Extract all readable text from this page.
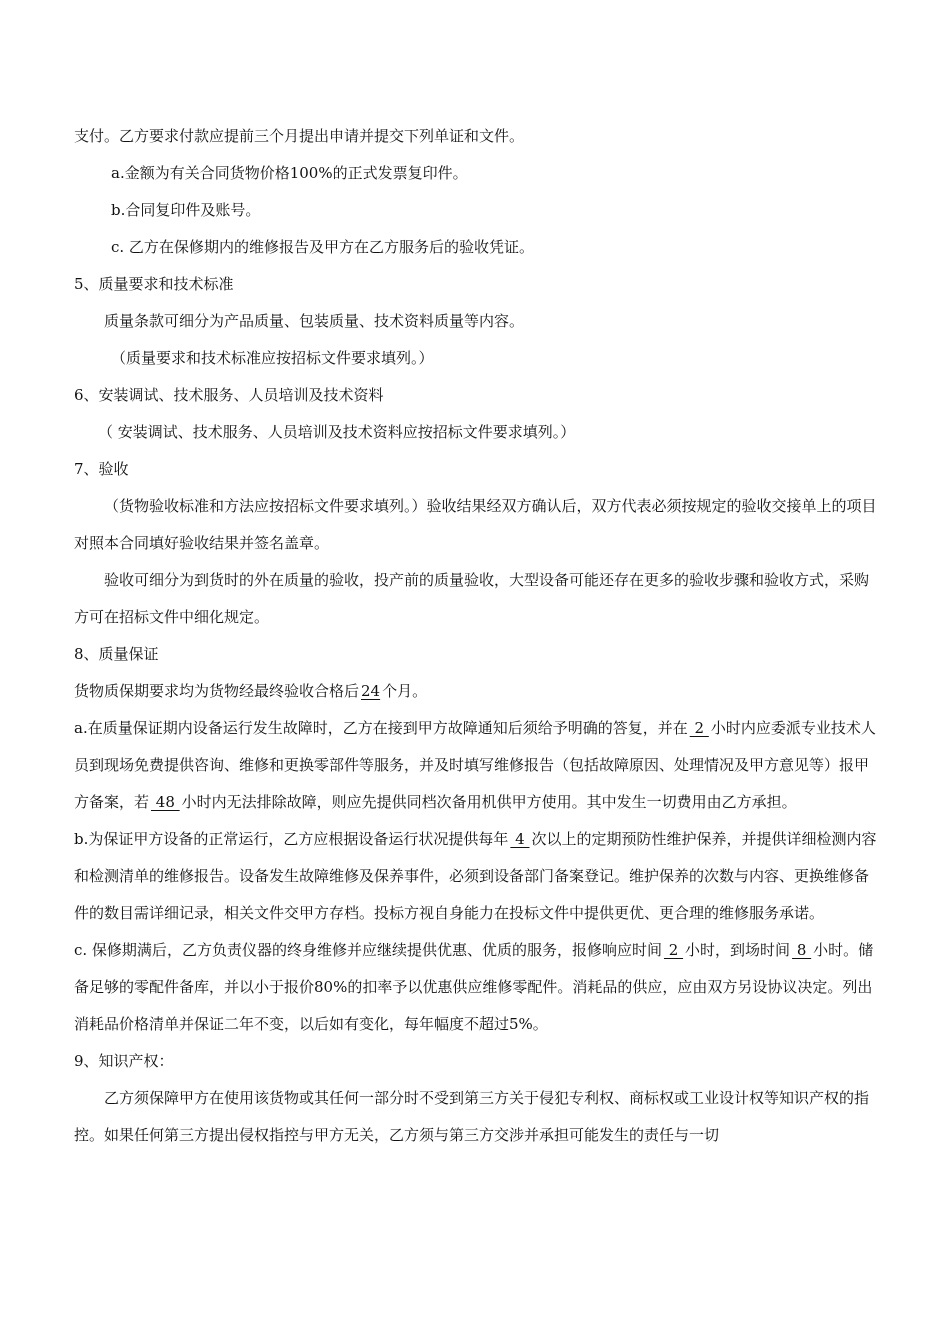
支付。乙方要求付款应提前三个月提出申请并提交下列单证和文件。

a.金额为有关合同货物价格100%的正式发票复印件。

b.合同复印件及账号。

c. 乙方在保修期内的维修报告及甲方在乙方服务后的验收凭证。

5、质量要求和技术标准

质量条款可细分为产品质量、包装质量、技术资料质量等内容。

（质量要求和技术标准应按招标文件要求填列。）

6、安装调试、技术服务、人员培训及技术资料

（ 安装调试、技术服务、人员培训及技术资料应按招标文件要求填列。）

7、验收

（货物验收标准和方法应按招标文件要求填列。）验收结果经双方确认后，双方代表必须按规定的验收交接单上的项目对照本合同填好验收结果并签名盖章。

验收可细分为到货时的外在质量的验收，投产前的质量验收，大型设备可能还存在更多的验收步骤和验收方式，采购方可在招标文件中细化规定。

8、质量保证

货物质保期要求均为货物经最终验收合格后 24 个月。

a.在质量保证期内设备运行发生故障时，乙方在接到甲方故障通知后须给予明确的答复，并在 2 小时内应委派专业技术人员到现场免费提供咨询、维修和更换零部件等服务，并及时填写维修报告（包括故障原因、处理情况及甲方意见等）报甲方备案，若 48 小时内无法排除故障，则应先提供同档次备用机供甲方使用。其中发生一切费用由乙方承担。

b.为保证甲方设备的正常运行，乙方应根据设备运行状况提供每年 4 次以上的定期预防性维护保养，并提供详细检测内容和检测清单的维修报告。设备发生故障维修及保养事件，必须到设备部门备案登记。维护保养的次数与内容、更换维修备件的数目需详细记录，相关文件交甲方存档。投标方视自身能力在投标文件中提供更优、更合理的维修服务承诺。

c. 保修期满后，乙方负责仪器的终身维修并应继续提供优惠、优质的服务，报修响应时间 2 小时，到场时间 8 小时。储备足够的零配件备库，并以小于报价80%的扣率予以优惠供应维修零配件。消耗品的供应，应由双方另设协议决定。列出消耗品价格清单并保证二年不变，以后如有变化，每年幅度不超过5%。

9、知识产权：

乙方须保障甲方在使用该货物或其任何一部分时不受到第三方关于侵犯专利权、商标权或工业设计权等知识产权的指控。如果任何第三方提出侵权指控与甲方无关，乙方须与第三方交涉并承担可能发生的责任与一切
